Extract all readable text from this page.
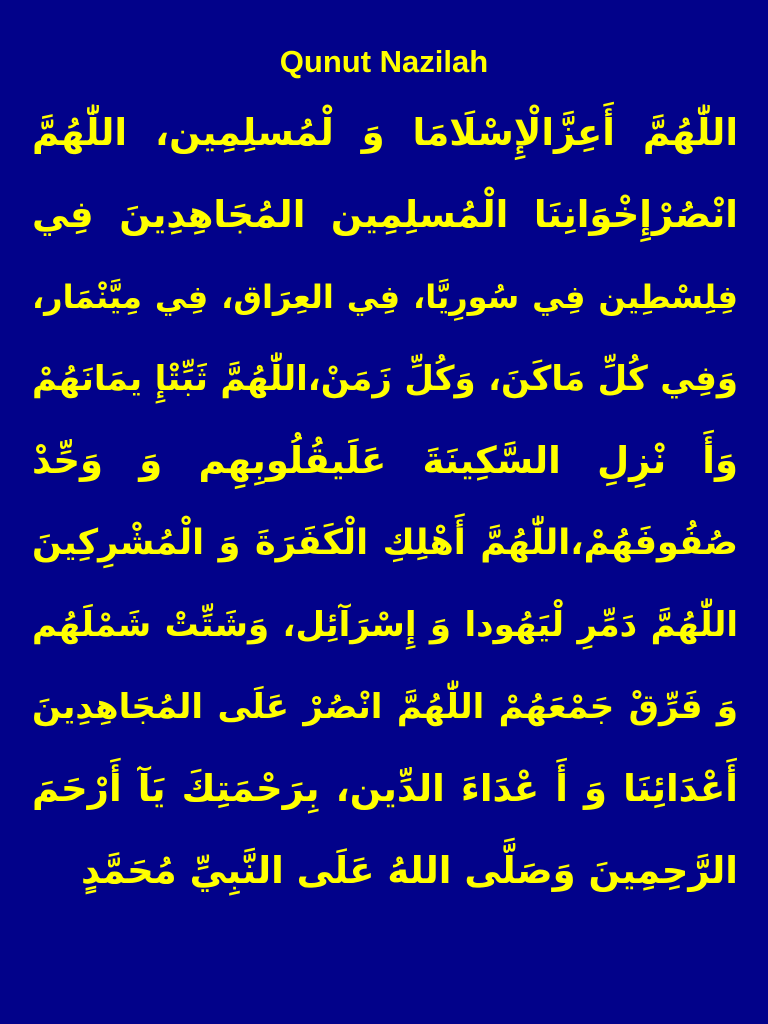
Qunut Nazilah
اللّٰهُمَّ أَعِزَّالْإِسْلَامَا وَ لْمُسلِمِين، اللّٰهُمَّ
انْصُرْإِخْوَانِنَا الْمُسلِمِين المُجَاهِدِينَ فِي
فِلِسْطِين فِي سُورِيَّا، فِي العِرَاق، فِي مِيَّنْمَار،
وَفِي كُلِّ مَاكَنَ، وَكُلِّ زَمَنْ،اللّٰهُمَّ ثَبِّتْإِ يمَانَهُمْ
وَأَ نْزِلِ السَّكِينَةَ عَلَيقُلُوبِهِم وَ وَحِّدْ
صُفُوفَهُمْ،اللّٰهُمَّ أَهْلِكِ الْكَفَرَةَ وَ الْمُشْرِكِينَ
اللّٰهُمَّ دَمِّرِ لْيَهُودا وَ إِسْرَآئِل، وَشَتِّتْ شَمْلَهُم
وَ فَرِّقْ جَمْعَهُمْ اللّٰهُمَّ انْصُرْ عَلَى المُجَاهِدِينَ
أَعْدَائِنَا وَ أَ عْدَاءَ الدِّين، بِرَحْمَتِكَ يَآ أَرْحَمَ
الرَّحِمِينَ وَصَلَّى اللهُ عَلَى النَّبِيِّ مُحَمَّدٍ
